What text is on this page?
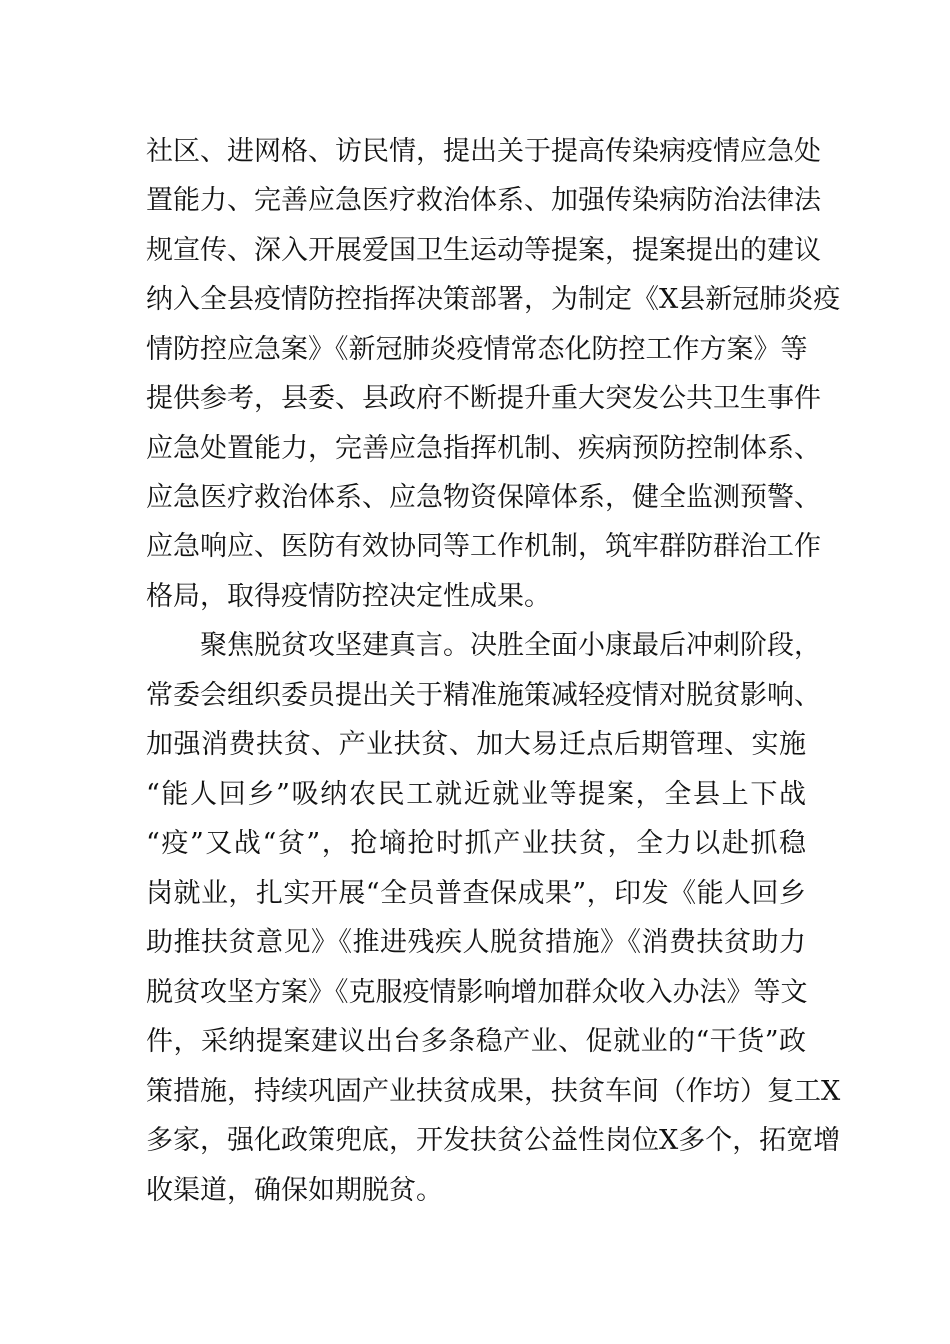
社区、进网格、访民情，提出关于提高传染病疫情应急处
置能力、完善应急医疗救治体系、加强传染病防治法律法
规宣传、深入开展爱国卫生运动等提案，提案提出的建议
纳入全县疫情防控指挥决策部署，为制定《X县新冠肺炎疫
情防控应急案》《新冠肺炎疫情常态化防控工作方案》等
提供参考，县委、县政府不断提升重大突发公共卫生事件
应急处置能力，完善应急指挥机制、疾病预防控制体系、
应急医疗救治体系、应急物资保障体系，健全监测预警、
应急响应、医防有效协同等工作机制，筑牢群防群治工作
格局，取得疫情防控决定性成果。
聚焦脱贫攻坚建真言。决胜全面小康最后冲刺阶段，
常委会组织委员提出关于精准施策减轻疫情对脱贫影响、
加强消费扶贫、产业扶贫、加大易迁点后期管理、实施
“能人回乡”吸纳农民工就近就业等提案，全县上下战
“疫”又战“贫”，抢墒抢时抓产业扶贫，全力以赴抓稳
岗就业，扎实开展“全员普查保成果”，印发《能人回乡
助推扶贫意见》《推进残疾人脱贫措施》《消费扶贫助力
脱贫攻坚方案》《克服疫情影响增加群众收入办法》等文
件，采纳提案建议出台多条稳产业、促就业的“干货”政
策措施，持续巩固产业扶贫成果，扶贫车间（作坊）复工X
多家，强化政策兜底，开发扶贫公益性岗位X多个，拓宽增
收渠道，确保如期脱贫。
